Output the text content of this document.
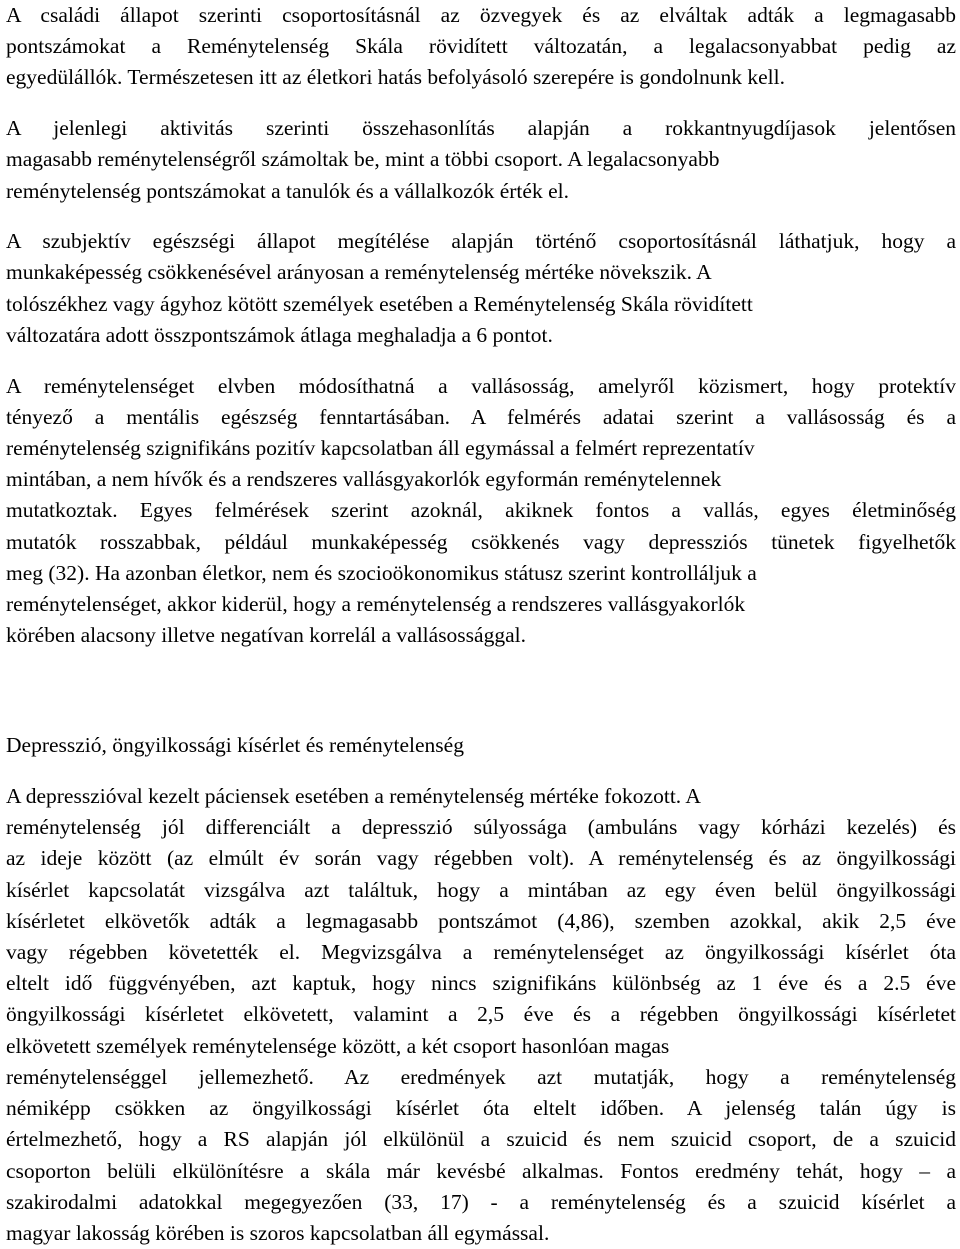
A családi állapot szerinti csoportosításnál az özvegyek és az elváltak adták a legmagasabb
pontszámokat a Reménytelenség Skála rövidített változatán, a legalacsonyabbat pedig az
egyedülállók. Természetesen itt az életkori hatás befolyásoló szerepére is gondolnunk kell.

A jelenlegi aktivitás szerinti összehasonlítás alapján a rokkantnyugdíjasok jelentősen
magasabb reménytelenségről számoltak be, mint a többi csoport. A legalacsonyabb
reménytelenség pontszámokat a tanulók és a vállalkozók érték el.

A szubjektív egészségi állapot megítélése alapján történő csoportosításnál láthatjuk, hogy a
munkaképesség csökkenésével arányosan a reménytelenség mértéke növekszik. A
tolószékhez vagy ágyhoz kötött személyek esetében a Reménytelenség Skála rövidített
változatára adott összpontszámok átlaga meghaladja a 6 pontot.

A reménytelenséget elvben módosíthatná a vallásosság, amelyről közismert, hogy protektív
tényező a mentális egészség fenntartásában. A felmérés adatai szerint a vallásosság és a
reménytelenség szignifikáns pozitív kapcsolatban áll egymással a felmért reprezentatív
mintában, a nem hívők és a rendszeres vallásgyakorlók egyformán reménytelennek
mutatkoztak. Egyes felmérések szerint azoknál, akiknek fontos a vallás, egyes életminőség
mutatók rosszabbak, például munkaképesség csökkenés vagy depressziós tünetek figyelhetők
meg (32). Ha azonban életkor, nem és szocioökonomikus státusz szerint kontrolláljuk a
reménytelenséget, akkor kiderül, hogy a reménytelenség a rendszeres vallásgyakorlók
körében alacsony illetve negatívan korrelál a vallásossággal.

Depresszió, öngyilkossági kísérlet és reménytelenség

A depresszióval kezelt páciensek esetében a reménytelenség mértéke fokozott. A
reménytelenség jól differenciált a depresszió súlyossága (ambuláns vagy kórházi kezelés) és
az ideje között (az elmúlt év során vagy régebben volt). A reménytelenség és az öngyilkossági
kísérlet kapcsolatát vizsgálva azt találtuk, hogy a mintában az egy éven belül öngyilkossági
kísérletet elkövetők adták a legmagasabb pontszámot (4,86), szemben azokkal, akik 2,5 éve
vagy régebben követették el. Megvizsgálva a reménytelenséget az öngyilkossági kísérlet óta
eltelt idő függvényében, azt kaptuk, hogy nincs szignifikáns különbség az 1 éve és a 2.5 éve
öngyilkossági kísérletet elkövetett, valamint a 2,5 éve és a régebben öngyilkossági kísérletet
elkövetett személyek reménytelensége között, a két csoport hasonlóan magas
reménytelenséggel jellemezhető. Az eredmények azt mutatják, hogy a reménytelenség
némiképp csökken az öngyilkossági kísérlet óta eltelt időben. A jelenség talán úgy is
értelmezhető, hogy a RS alapján jól elkülönül a szuicid és nem szuicid csoport, de a szuicid
csoporton belüli elkülönítésre a skála már kevésbé alkalmas. Fontos eredmény tehát, hogy – a
szakirodalmi adatokkal megegyezően (33, 17) - a reménytelenség és a szuicid kísérlet a
magyar lakosság körében is szoros kapcsolatban áll egymással.
